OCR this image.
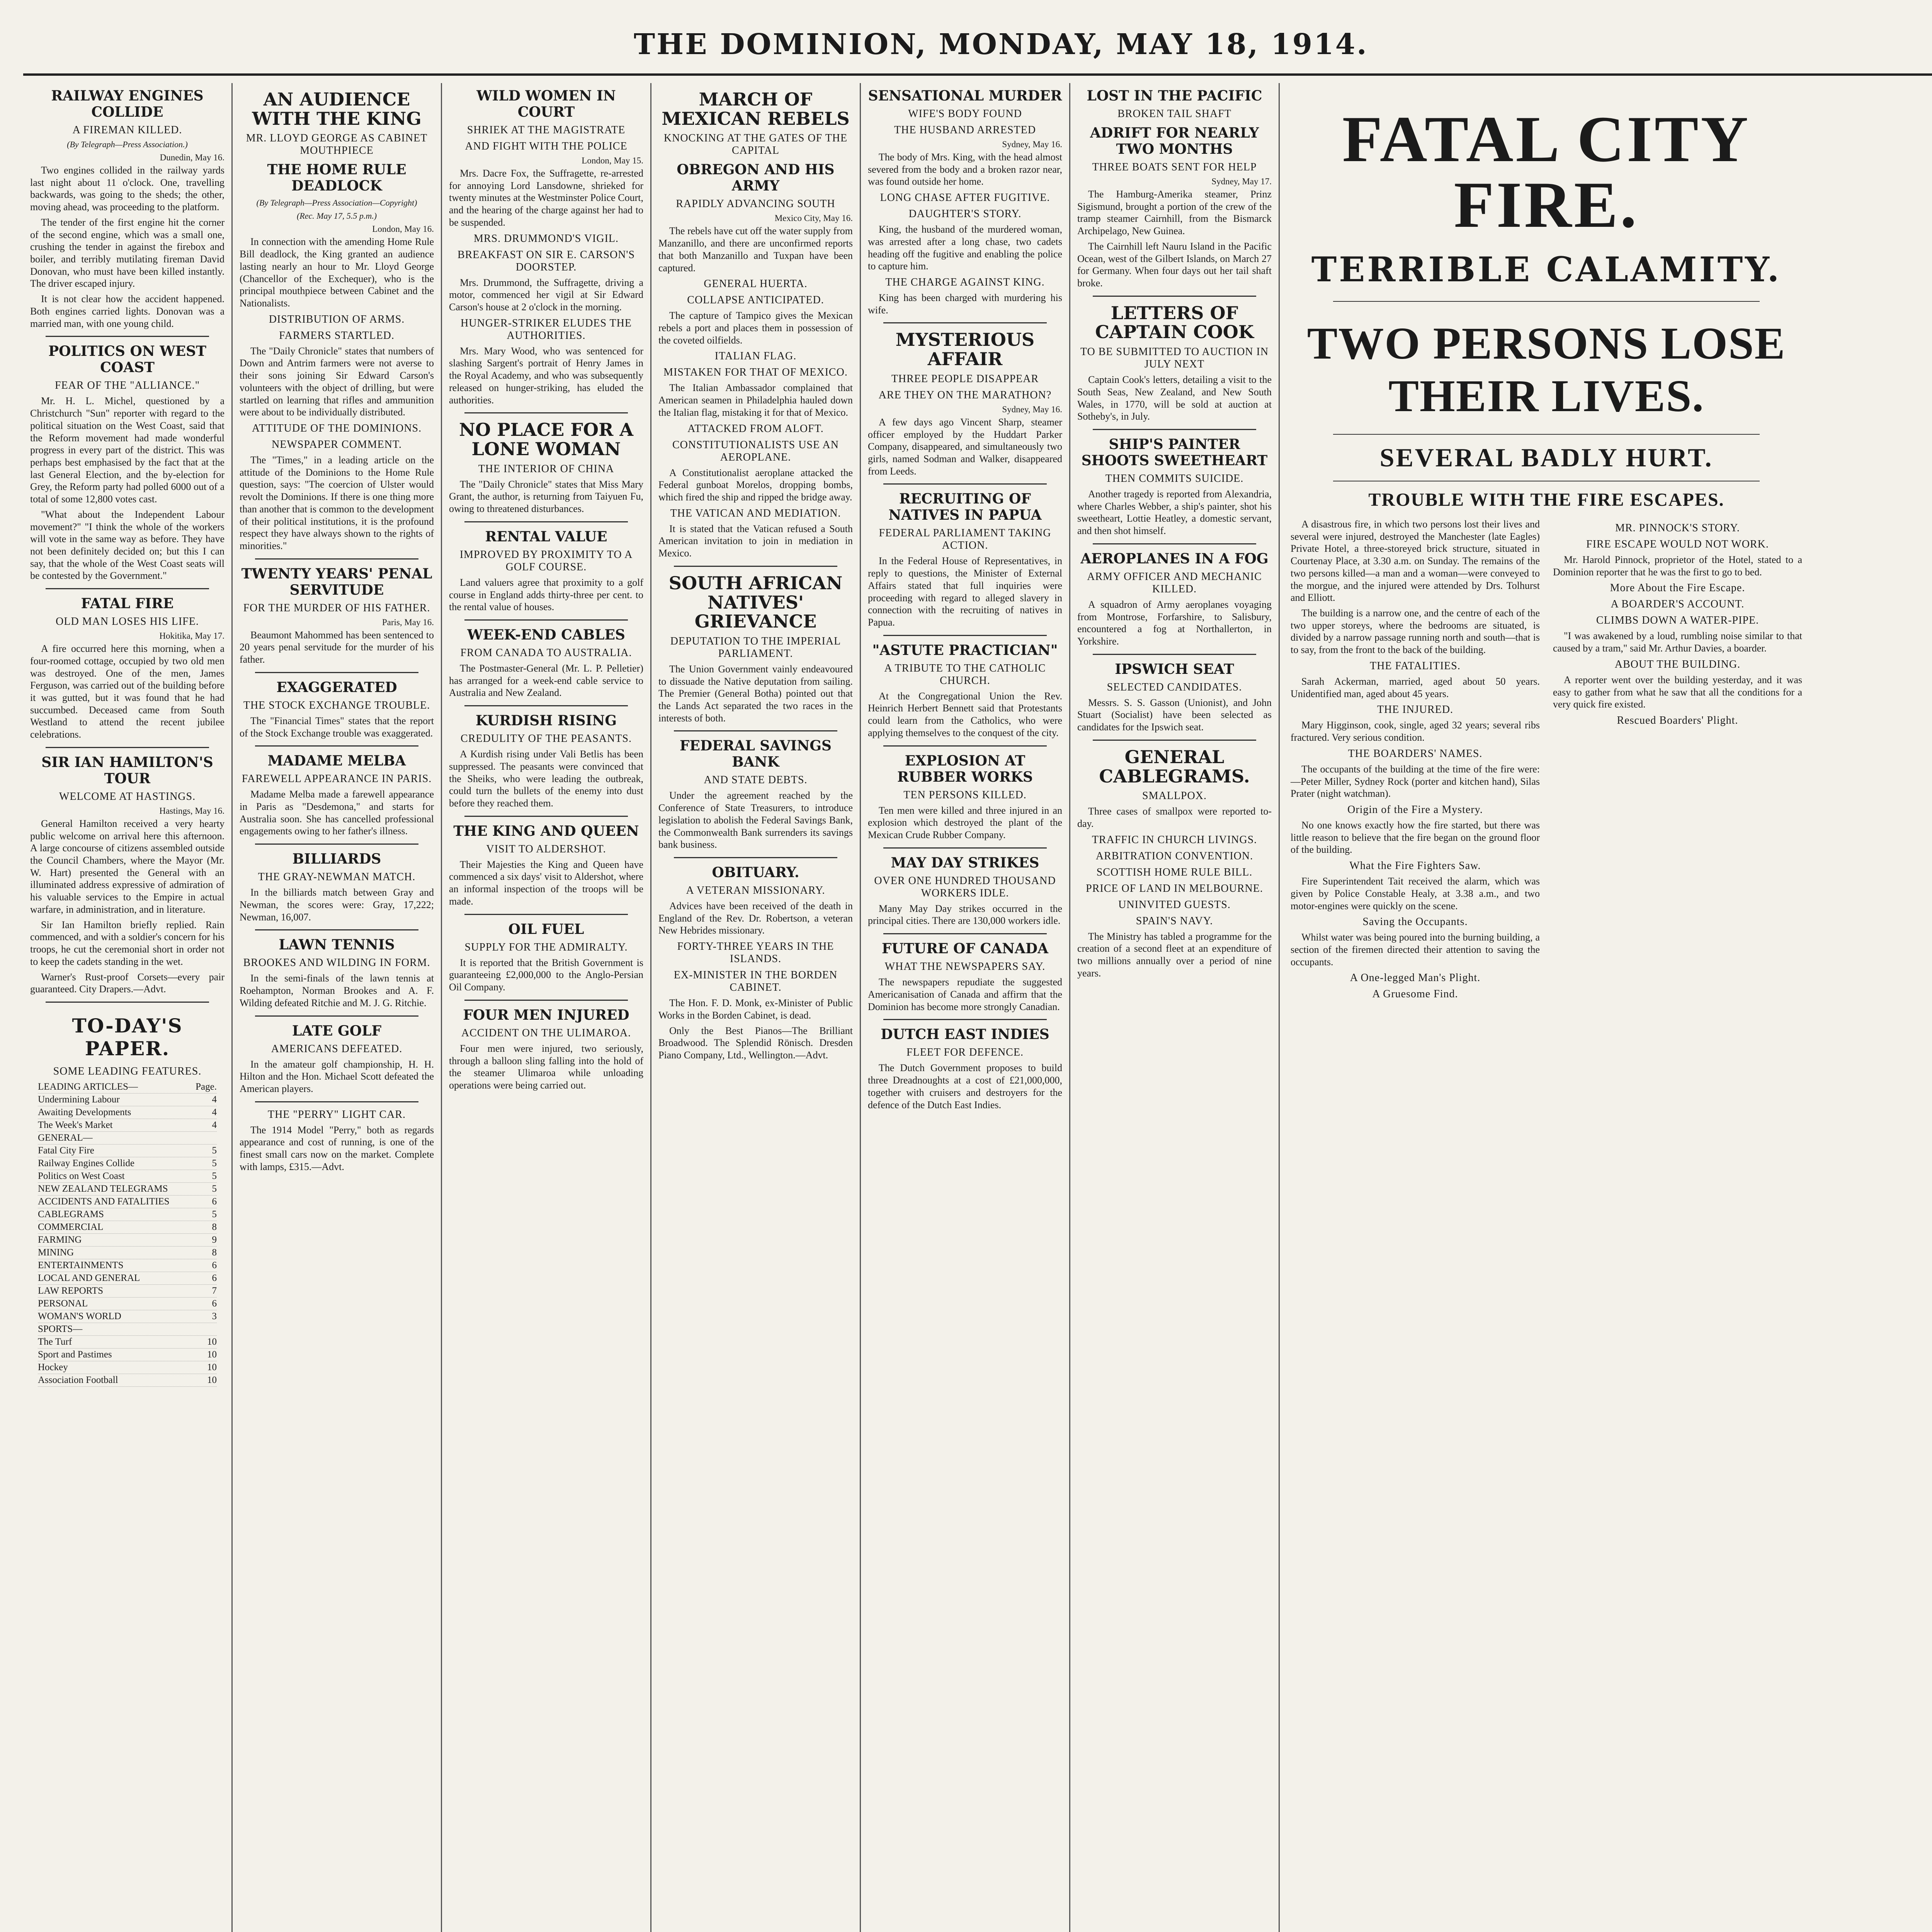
THE DOMINION, MONDAY, MAY 18, 1914.
RAILWAY ENGINES COLLIDE
A FIREMAN KILLED.
(By Telegraph—Press Association.)
Dunedin, May 16.

Two engines collided in the railway yards last night about 11 o'clock. One, travelling backwards, was going to the sheds; the other, moving ahead, was proceeding to the platform.

The tender of the first engine hit the corner of the second engine, which was a small one, crushing the tender in against the firebox and boiler, and terribly mutilating fireman David Donovan, who must have been killed instantly. The driver escaped injury.

It is not clear how the accident happened. Both engines carried lights. Donovan was a married man, with one young child.

POLITICS ON WEST COAST
FEAR OF THE "ALLIANCE."

Mr. H. L. Michel, questioned by a Christchurch "Sun" reporter with regard to the political situation on the West Coast, said that the Reform movement had made wonderful progress in every part of the district. This was perhaps best emphasised by the fact that at the last General Election, and the by-election for Grey, the Reform party had polled 6000 out of a total of some 12,800 votes cast.

"What about the Independent Labour movement?" "I think the whole of the workers will vote in the same way as before. They have not been definitely decided on; but this I can say, that the whole of the West Coast seats will be contested by the Government."

FATAL FIRE
OLD MAN LOSES HIS LIFE.
Hokitika, May 17.

A fire occurred here this morning, when a four-roomed cottage, occupied by two old men was destroyed. One of the men, James Ferguson, was carried out of the building before it was gutted, but it was found that he had succumbed. Deceased came from South Westland to attend the recent jubilee celebrations.

SIR IAN HAMILTON'S TOUR
WELCOME AT HASTINGS.
Hastings, May 16.

General Hamilton received a very hearty public welcome on arrival here this afternoon. A large concourse of citizens assembled outside the Council Chambers, where the Mayor (Mr. W. Hart) presented the General with an illuminated address expressive of admiration of his valuable services to the Empire in actual warfare, in administration, and in literature.

Sir Ian Hamilton briefly replied. Rain commenced, and with a soldier's concern for his troops, he cut the ceremonial short in order not to keep the cadets standing in the wet.

Warner's Rust-proof Corsets—every pair guaranteed. City Drapers.—Advt.

TO-DAY'S PAPER.
SOME LEADING FEATURES.
LEADING ARTICLES—	Page.
Undermining Labour	4
Awaiting Developments	4
The Week's Market	4
GENERAL—
Fatal City Fire	5
Railway Engines Collide	5
Politics on West Coast	5
NEW ZEALAND TELEGRAMS	5
ACCIDENTS AND FATALITIES	6
CABLEGRAMS	5
COMMERCIAL	8
FARMING	9
MINING	8
ENTERTAINMENTS	6
LOCAL AND GENERAL	6
LAW REPORTS	7
PERSONAL	6
WOMAN'S WORLD	3
SPORTS—
The Turf	10
Sport and Pastimes	10
Hockey	10
Association Football	10
AN AUDIENCE WITH THE KING
MR. LLOYD GEORGE AS CABINET MOUTHPIECE
THE HOME RULE DEADLOCK
(By Telegraph—Press Association—Copyright)
(Rec. May 17, 5.5 p.m.)
London, May 16.

In connection with the amending Home Rule Bill deadlock, the King granted an audience lasting nearly an hour to Mr. Lloyd George (Chancellor of the Exchequer), who is the principal mouthpiece between Cabinet and the Nationalists.

DISTRIBUTION OF ARMS.
FARMERS STARTLED.

The "Daily Chronicle" states that numbers of Down and Antrim farmers were not averse to their sons joining Sir Edward Carson's volunteers with the object of drilling, but were startled on learning that rifles and ammunition were about to be individually distributed.

ATTITUDE OF THE DOMINIONS.
NEWSPAPER COMMENT.

The "Times," in a leading article on the attitude of the Dominions to the Home Rule question, says: "The coercion of Ulster would revolt the Dominions. If there is one thing more than another that is common to the development of their political institutions, it is the profound respect they have always shown to the rights of minorities."

TWENTY YEARS' PENAL SERVITUDE
FOR THE MURDER OF HIS FATHER.
Paris, May 16.

Beaumont Mahommed has been sentenced to 20 years penal servitude for the murder of his father.

EXAGGERATED
THE STOCK EXCHANGE TROUBLE.

The "Financial Times" states that the report of the Stock Exchange trouble was exaggerated.

MADAME MELBA
FAREWELL APPEARANCE IN PARIS.

Madame Melba made a farewell appearance in Paris as "Desdemona," and starts for Australia soon. She has cancelled professional engagements owing to her father's illness.

BILLIARDS
THE GRAY-NEWMAN MATCH.

In the billiards match between Gray and Newman, the scores were: Gray, 17,222; Newman, 16,007.

LAWN TENNIS
BROOKES AND WILDING IN FORM.

In the semi-finals of the lawn tennis at Roehampton, Norman Brookes and A. F. Wilding defeated Ritchie and M. J. G. Ritchie.

LATE GOLF
AMERICANS DEFEATED.

In the amateur golf championship, H. H. Hilton and the Hon. Michael Scott defeated the American players.

THE "PERRY" LIGHT CAR.

The 1914 Model "Perry," both as regards appearance and cost of running, is one of the finest small cars now on the market. Complete with lamps, £315.—Advt.

WILD WOMEN IN COURT
SHRIEK AT THE MAGISTRATE
AND FIGHT WITH THE POLICE
London, May 15.

Mrs. Dacre Fox, the Suffragette, re-arrested for annoying Lord Lansdowne, shrieked for twenty minutes at the Westminster Police Court, and the hearing of the charge against her had to be suspended.

MRS. DRUMMOND'S VIGIL.
BREAKFAST ON SIR E. CARSON'S DOORSTEP.

Mrs. Drummond, the Suffragette, driving a motor, commenced her vigil at Sir Edward Carson's house at 2 o'clock in the morning.

HUNGER-STRIKER ELUDES THE AUTHORITIES.

Mrs. Mary Wood, who was sentenced for slashing Sargent's portrait of Henry James in the Royal Academy, and who was subsequently released on hunger-striking, has eluded the authorities.

NO PLACE FOR A LONE WOMAN
THE INTERIOR OF CHINA

The "Daily Chronicle" states that Miss Mary Grant, the author, is returning from Taiyuen Fu, owing to threatened disturbances.

RENTAL VALUE
IMPROVED BY PROXIMITY TO A GOLF COURSE.

Land valuers agree that proximity to a golf course in England adds thirty-three per cent. to the rental value of houses.

WEEK-END CABLES
FROM CANADA TO AUSTRALIA.

The Postmaster-General (Mr. L. P. Pelletier) has arranged for a week-end cable service to Australia and New Zealand.

KURDISH RISING
CREDULITY OF THE PEASANTS.

A Kurdish rising under Vali Betlis has been suppressed. The peasants were convinced that the Sheiks, who were leading the outbreak, could turn the bullets of the enemy into dust before they reached them.

THE KING AND QUEEN
VISIT TO ALDERSHOT.

Their Majesties the King and Queen have commenced a six days' visit to Aldershot, where an informal inspection of the troops will be made.

OIL FUEL
SUPPLY FOR THE ADMIRALTY.

It is reported that the British Government is guaranteeing £2,000,000 to the Anglo-Persian Oil Company.

FOUR MEN INJURED
ACCIDENT ON THE ULIMAROA.

Four men were injured, two seriously, through a balloon sling falling into the hold of the steamer Ulimaroa while unloading operations were being carried out.

MARCH OF MEXICAN REBELS
KNOCKING AT THE GATES OF THE CAPITAL
OBREGON AND HIS ARMY
RAPIDLY ADVANCING SOUTH
Mexico City, May 16.

The rebels have cut off the water supply from Manzanillo, and there are unconfirmed reports that both Manzanillo and Tuxpan have been captured.

GENERAL HUERTA.
COLLAPSE ANTICIPATED.

The capture of Tampico gives the Mexican rebels a port and places them in possession of the coveted oilfields.

ITALIAN FLAG.
MISTAKEN FOR THAT OF MEXICO.

The Italian Ambassador complained that American seamen in Philadelphia hauled down the Italian flag, mistaking it for that of Mexico.

ATTACKED FROM ALOFT.
CONSTITUTIONALISTS USE AN AEROPLANE.

A Constitutionalist aeroplane attacked the Federal gunboat Morelos, dropping bombs, which fired the ship and ripped the bridge away.

THE VATICAN AND MEDIATION.

It is stated that the Vatican refused a South American invitation to join in mediation in Mexico.

SOUTH AFRICAN NATIVES' GRIEVANCE
DEPUTATION TO THE IMPERIAL PARLIAMENT.

The Union Government vainly endeavoured to dissuade the Native deputation from sailing. The Premier (General Botha) pointed out that the Lands Act separated the two races in the interests of both.

FEDERAL SAVINGS BANK
AND STATE DEBTS.

Under the agreement reached by the Conference of State Treasurers, to introduce legislation to abolish the Federal Savings Bank, the Commonwealth Bank surrenders its savings bank business.

OBITUARY.
A VETERAN MISSIONARY.

Advices have been received of the death in England of the Rev. Dr. Robertson, a veteran New Hebrides missionary.

FORTY-THREE YEARS IN THE ISLANDS.
EX-MINISTER IN THE BORDEN CABINET.

The Hon. F. D. Monk, ex-Minister of Public Works in the Borden Cabinet, is dead.

Only the Best Pianos—The Brilliant Broadwood. The Splendid Rönisch. Dresden Piano Company, Ltd., Wellington.—Advt.

SENSATIONAL MURDER
WIFE'S BODY FOUND
THE HUSBAND ARRESTED
Sydney, May 16.

The body of Mrs. King, with the head almost severed from the body and a broken razor near, was found outside her home.

LONG CHASE AFTER FUGITIVE.
DAUGHTER'S STORY.

King, the husband of the murdered woman, was arrested after a long chase, two cadets heading off the fugitive and enabling the police to capture him.

THE CHARGE AGAINST KING.

King has been charged with murdering his wife.

MYSTERIOUS AFFAIR
THREE PEOPLE DISAPPEAR
ARE THEY ON THE MARATHON?
Sydney, May 16.

A few days ago Vincent Sharp, steamer officer employed by the Huddart Parker Company, disappeared, and simultaneously two girls, named Sodman and Walker, disappeared from Leeds.

RECRUITING OF NATIVES IN PAPUA
FEDERAL PARLIAMENT TAKING ACTION.

In the Federal House of Representatives, in reply to questions, the Minister of External Affairs stated that full inquiries were proceeding with regard to alleged slavery in connection with the recruiting of natives in Papua.

"ASTUTE PRACTICIAN"
A TRIBUTE TO THE CATHOLIC CHURCH.

At the Congregational Union the Rev. Heinrich Herbert Bennett said that Protestants could learn from the Catholics, who were applying themselves to the conquest of the city.

EXPLOSION AT RUBBER WORKS
TEN PERSONS KILLED.

Ten men were killed and three injured in an explosion which destroyed the plant of the Mexican Crude Rubber Company.

MAY DAY STRIKES
OVER ONE HUNDRED THOUSAND WORKERS IDLE.

Many May Day strikes occurred in the principal cities. There are 130,000 workers idle.

FUTURE OF CANADA
WHAT THE NEWSPAPERS SAY.

The newspapers repudiate the suggested Americanisation of Canada and affirm that the Dominion has become more strongly Canadian.

DUTCH EAST INDIES
FLEET FOR DEFENCE.

The Dutch Government proposes to build three Dreadnoughts at a cost of £21,000,000, together with cruisers and destroyers for the defence of the Dutch East Indies.

LOST IN THE PACIFIC
BROKEN TAIL SHAFT
ADRIFT FOR NEARLY TWO MONTHS
THREE BOATS SENT FOR HELP
Sydney, May 17.

The Hamburg-Amerika steamer, Prinz Sigismund, brought a portion of the crew of the tramp steamer Cairnhill, from the Bismarck Archipelago, New Guinea.

The Cairnhill left Nauru Island in the Pacific Ocean, west of the Gilbert Islands, on March 27 for Germany. When four days out her tail shaft broke.

LETTERS OF CAPTAIN COOK
TO BE SUBMITTED TO AUCTION IN JULY NEXT

Captain Cook's letters, detailing a visit to the South Seas, New Zealand, and New South Wales, in 1770, will be sold at auction at Sotheby's, in July.

SHIP'S PAINTER SHOOTS SWEETHEART
THEN COMMITS SUICIDE.

Another tragedy is reported from Alexandria, where Charles Webber, a ship's painter, shot his sweetheart, Lottie Heatley, a domestic servant, and then shot himself.

AEROPLANES IN A FOG
ARMY OFFICER AND MECHANIC KILLED.

A squadron of Army aeroplanes voyaging from Montrose, Forfarshire, to Salisbury, encountered a fog at Northallerton, in Yorkshire.

IPSWICH SEAT
SELECTED CANDIDATES.

Messrs. S. S. Gasson (Unionist), and John Stuart (Socialist) have been selected as candidates for the Ipswich seat.

GENERAL CABLEGRAMS.
SMALLPOX.

Three cases of smallpox were reported to-day.

TRAFFIC IN CHURCH LIVINGS.
ARBITRATION CONVENTION.
SCOTTISH HOME RULE BILL.
PRICE OF LAND IN MELBOURNE.
UNINVITED GUESTS.
SPAIN'S NAVY.

The Ministry has tabled a programme for the creation of a second fleet at an expenditure of two millions annually over a period of nine years.

FATAL CITY FIRE.
TERRIBLE CALAMITY.
TWO PERSONS LOSE THEIR LIVES.
SEVERAL BADLY HURT.
TROUBLE WITH THE FIRE ESCAPES.

A disastrous fire, in which two persons lost their lives and several were injured, destroyed the Manchester (late Eagles) Private Hotel, a three-storeyed brick structure, situated in Courtenay Place, at 3.30 a.m. on Sunday. The remains of the two persons killed—a man and a woman—were conveyed to the morgue, and the injured were attended by Drs. Tolhurst and Elliott.

The building is a narrow one, and the centre of each of the two upper storeys, where the bedrooms are situated, is divided by a narrow passage running north and south—that is to say, from the front to the back of the building.

THE FATALITIES.

Sarah Ackerman, married, aged about 50 years. Unidentified man, aged about 45 years.

THE INJURED.

Mary Higginson, cook, single, aged 32 years; several ribs fractured. Very serious condition.

THE BOARDERS' NAMES.

The occupants of the building at the time of the fire were:—Peter Miller, Sydney Rock (porter and kitchen hand), Silas Prater (night watchman).

Origin of the Fire a Mystery.

No one knows exactly how the fire started, but there was little reason to believe that the fire began on the ground floor of the building.

What the Fire Fighters Saw.

Fire Superintendent Tait received the alarm, which was given by Police Constable Healy, at 3.38 a.m., and two motor-engines were quickly on the scene.

Saving the Occupants.

Whilst water was being poured into the burning building, a section of the firemen directed their attention to saving the occupants.

A One-legged Man's Plight.
A Gruesome Find.
MR. PINNOCK'S STORY.
FIRE ESCAPE WOULD NOT WORK.

Mr. Harold Pinnock, proprietor of the Hotel, stated to a Dominion reporter that he was the first to go to bed.

More About the Fire Escape.
A BOARDER'S ACCOUNT.
CLIMBS DOWN A WATER-PIPE.

"I was awakened by a loud, rumbling noise similar to that caused by a tram," said Mr. Arthur Davies, a boarder.

ABOUT THE BUILDING.

A reporter went over the building yesterday, and it was easy to gather from what he saw that all the conditions for a very quick fire existed.

Rescued Boarders' Plight.
